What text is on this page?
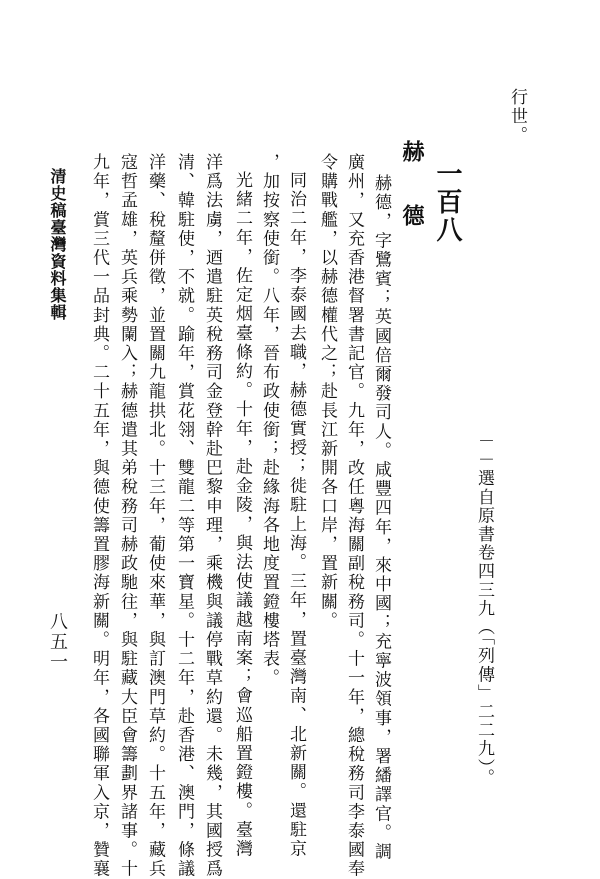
行世。
－－選自原書卷四三九（「列傳」二二九）。
一百八
赫 德
赫德，字鷺賓；英國倍爾發司人。咸豐四年，來中國；充寧波領事，署繙譯官。調
廣州，又充香港督署書記官。九年，改任粵海關副稅務司。十一年，總稅務司李泰國奉
令購戰艦，以赫德權代之；赴長江新開各口岸，置新關。
同治二年，李泰國去職，赫德實授；徙駐上海。三年，置臺灣南、北新關。還駐京
，加按察使銜。八年，晉布政使銜；赴緣海各地度置鐙樓塔表。
光緒二年，佐定烟臺條約。十年，赴金陵，與法使議越南案；會巡船置鐙樓。臺灣
洋爲法虜，迺遣駐英稅務司金登幹赴巴黎申理，乘機與議停戰草約還。未幾，其國授爲
清、韓駐使，不就。踰年，賞花翎、雙龍二等第一寶星。十二年，赴香港、澳門，條議
洋藥、稅釐併徵，並置關九龍拱北。十三年，葡使來華，與訂澳門草約。十五年，藏兵
寇哲孟雄，英兵乘勢闌入；赫德遣其弟稅務司赫政馳往，與駐藏大臣會籌劃界諸事。十
九年，賞三代一品封典。二十五年，與德使籌置膠海新關。明年，各國聯軍入京，贊襄
清史稿臺灣資料集輯
八五一
